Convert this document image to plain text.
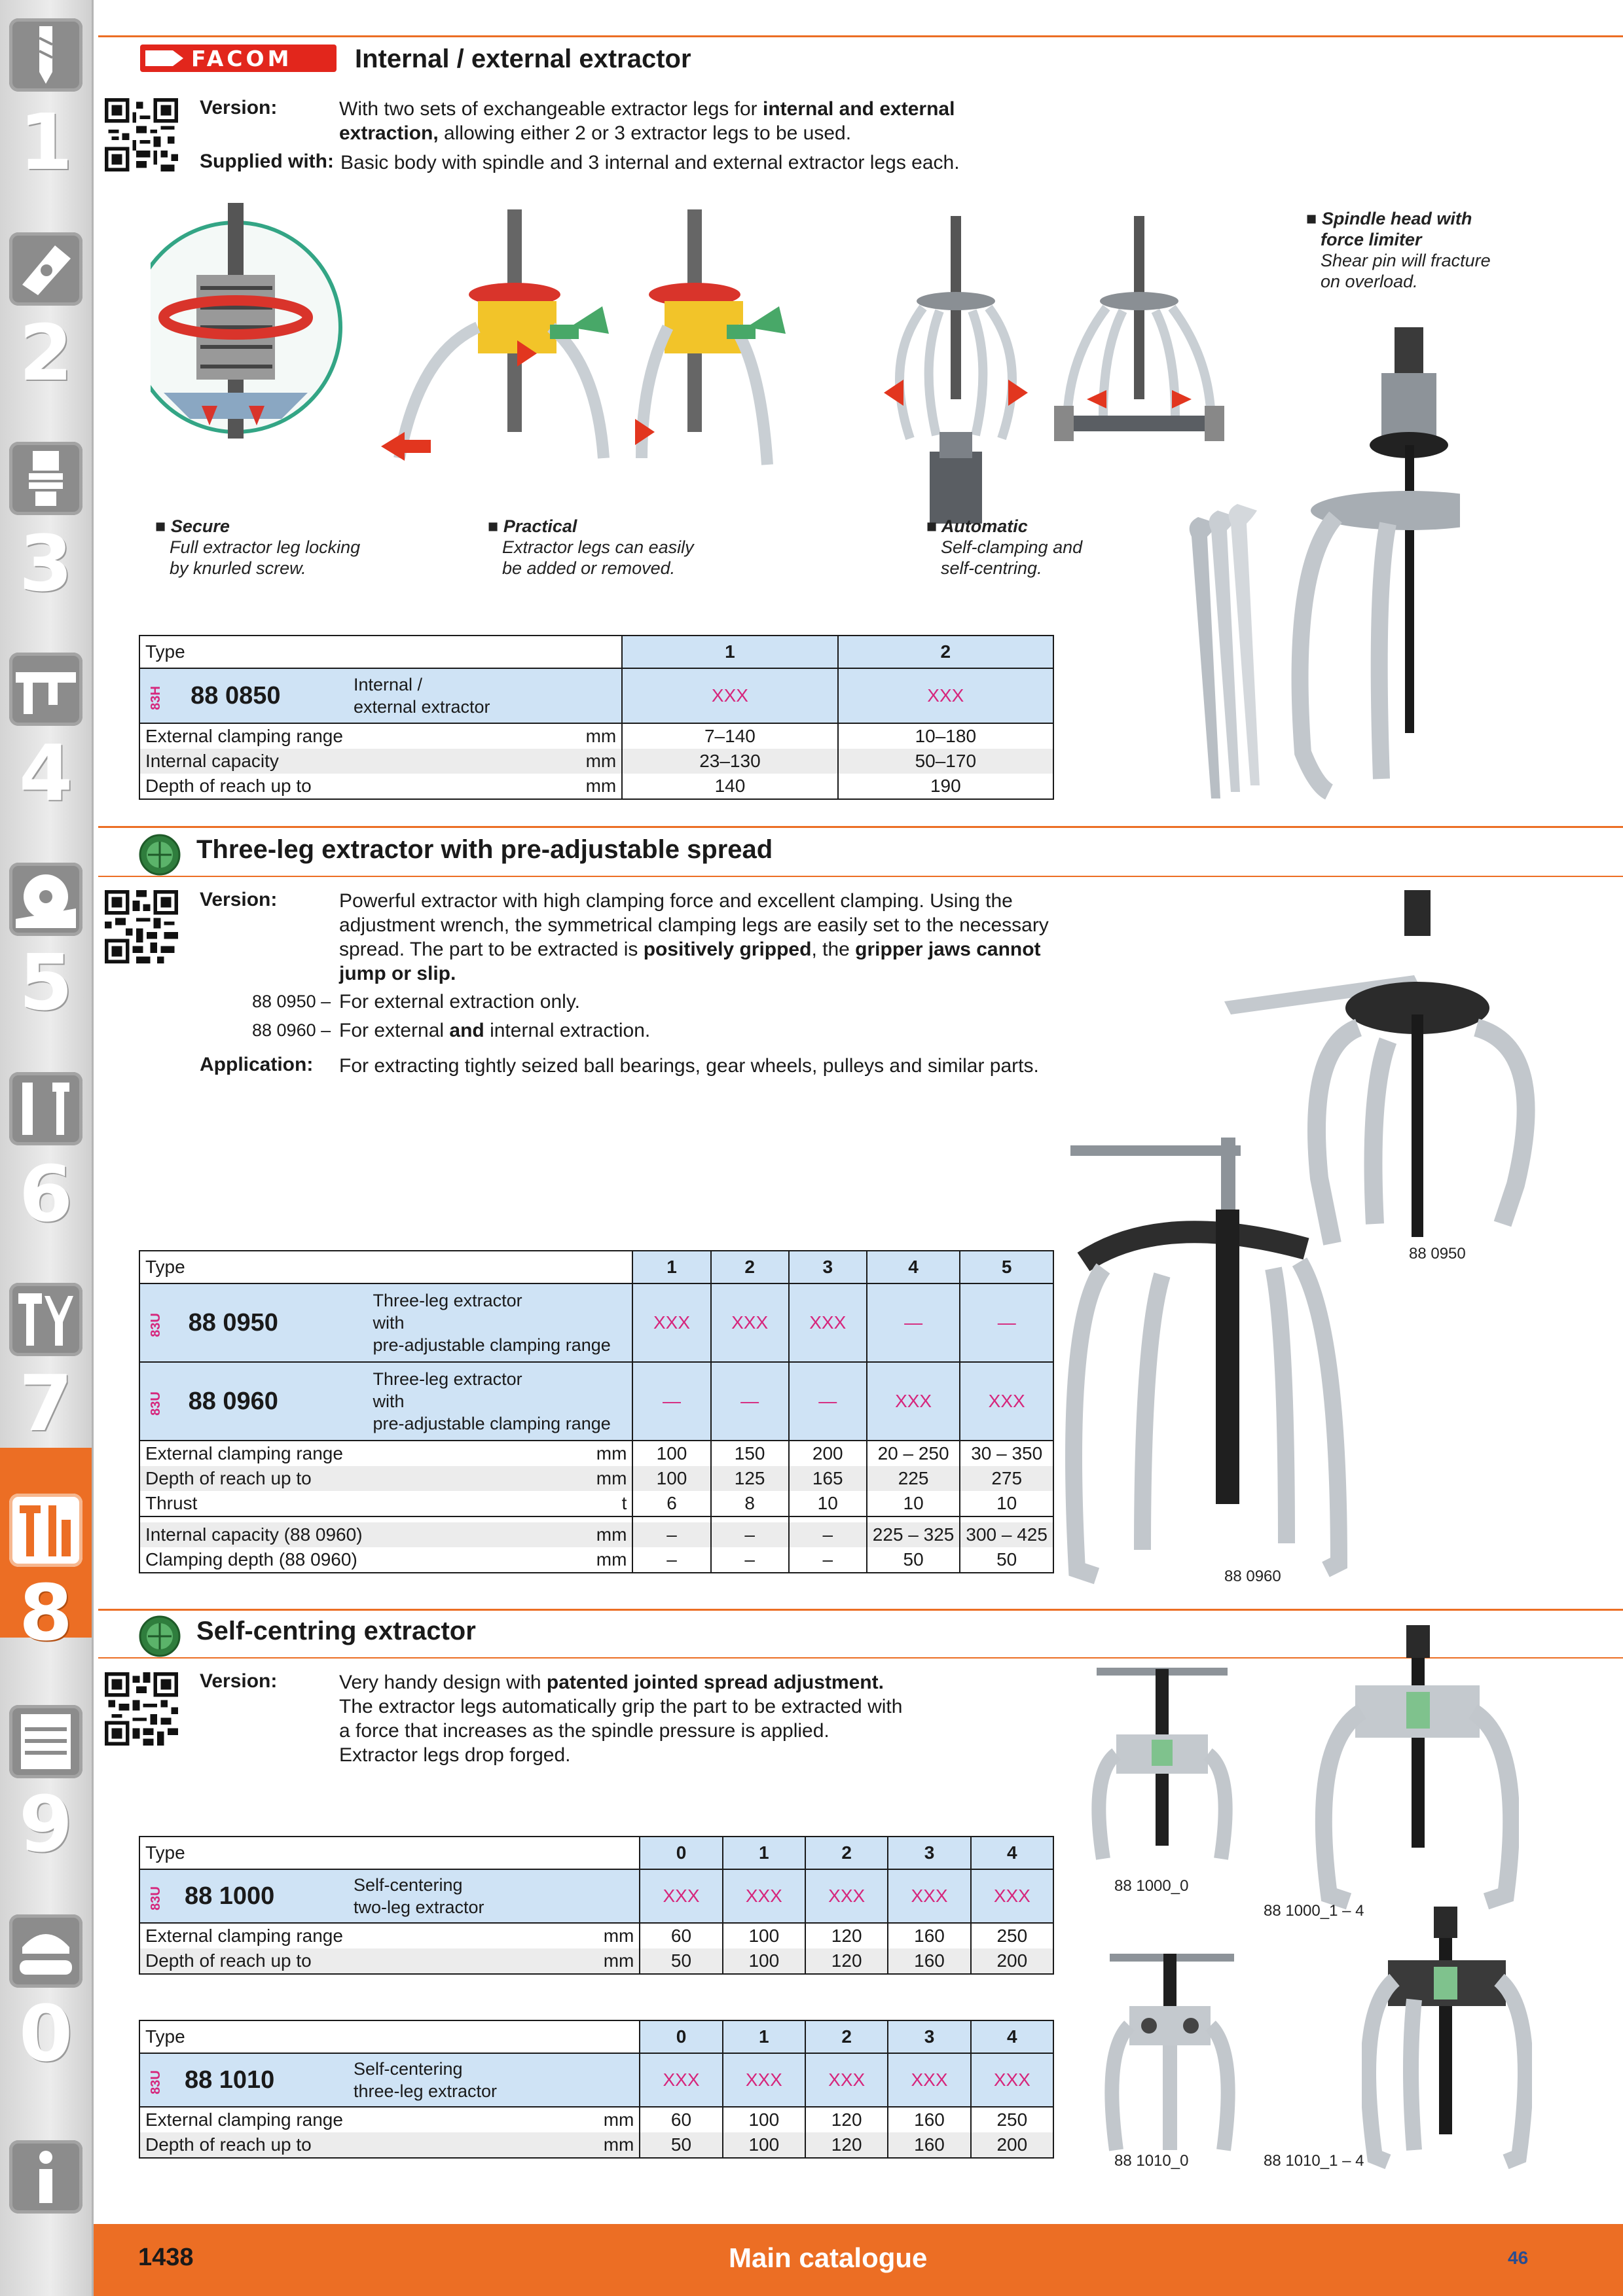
1
2
3
4
5
6
7
8
9
0
FACOM Internal / external extractor
Version:	With two sets of exchangeable extractor legs for internal and external
extraction, allowing either 2 or 3 extractor legs to be used.
Supplied with: Basic body with spindle and 3 internal and external extractor legs each.
■ Secure
Full extractor leg locking
by knurled screw.
■ Practical
Extractor legs can easily
be added or removed.
■ Automatic
Self-clamping and
self-centring.
■ Spindle head with
force limiter
Shear pin will fracture
on overload.
Type			1	2
83H	88 0850	Internal /
external extractor	XXX	XXX
External clamping range		mm	7–140	10–180
Internal capacity		mm	23–130	50–170
Depth of reach up to		mm	140	190
Three-leg extractor with pre-adjustable spread
Version:	Powerful extractor with high clamping force and excellent clamping. Using the
adjustment wrench, the symmetrical clamping legs are easily set to the necessary
spread. The part to be extracted is positively gripped, the gripper jaws cannot
jump or slip.
88 0950 – For external extraction only.
88 0960 – For external and internal extraction.
Application: For extracting tightly seized ball bearings, gear wheels, pulleys and similar parts.
88 0950
88 0960
Type			1	2	3	4	5
83U	88 0950	Three-leg extractor
with
pre-adjustable clamping range	XXX	XXX	XXX	—	—
83U	88 0960	Three-leg extractor
with
pre-adjustable clamping range	—	—	—	XXX	XXX
External clamping range		mm	100	150	200	20 – 250	30 – 350
Depth of reach up to		mm	100	125	165	225	275
Thrust		t	6	8	10	10	10

Internal capacity (88 0960)		mm	–	–	–	225 – 325	300 – 425
Clamping depth (88 0960)		mm	–	–	–	50	50
Self-centring extractor
Version:	Very handy design with patented jointed spread adjustment.
The extractor legs automatically grip the part to be extracted with
a force that increases as the spindle pressure is applied.
Extractor legs drop forged.
88 1000_0
88 1000_1 – 4
88 1010_0	88 1010_1 – 4
Type			0	1	2	3	4
83U	88 1000	Self-centering
two-leg extractor	XXX	XXX	XXX	XXX	XXX
External clamping range		mm	60	100	120	160	250
Depth of reach up to		mm	50	100	120	160	200
Type			0	1	2	3	4
83U	88 1010	Self-centering
three-leg extractor	XXX	XXX	XXX	XXX	XXX
External clamping range		mm	60	100	120	160	250
Depth of reach up to		mm	50	100	120	160	200
1438	Main catalogue	46
